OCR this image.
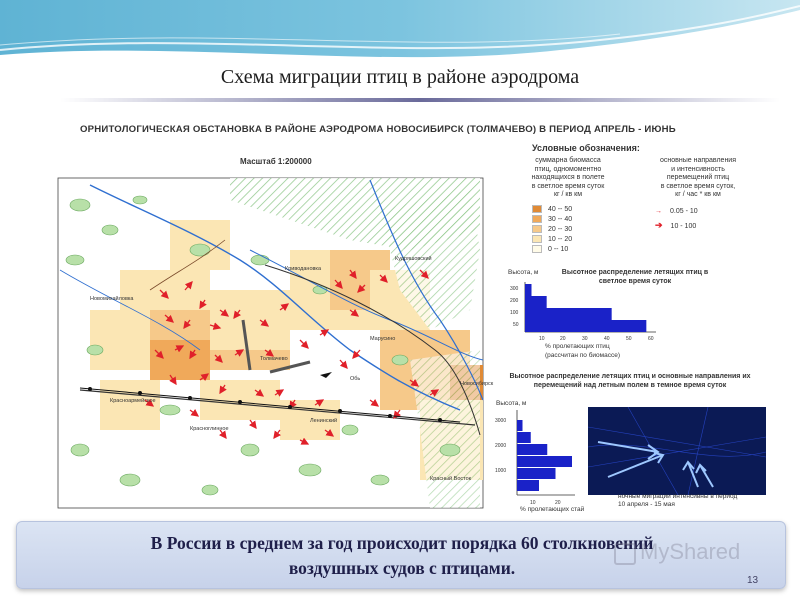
Схема миграции птиц в районе аэродрома
ОРНИТОЛОГИЧЕСКАЯ ОБСТАНОВКА В РАЙОНЕ АЭРОДРОМА НОВОСИБИРСК (ТОЛМАЧЕВО) В ПЕРИОД АПРЕЛЬ - ИЮНЬ
Масштаб 1:200000
Криводановка
Кудряшовский
Обь
Толмачево
Красноармейское
Новосибирск
Ленинский
Красный Восток
Марусино
Красноглинное
Новомихайловка
300
200
100
50
10	20	30	40	50	60
3000
2000
1000
10	20
Условные обозначения:
суммарна биомасса
птиц, одномоментно
находящихся в полете
в светлое время суток
кг / кв км
40 -- 50
30 -- 40
20 -- 30
10 -- 20
0 -- 10
основные направления
и интенсивность
перемещений птиц
в светлое время суток,
кг / час * кв км
→ 0.05 - 10
➔ 10 - 100
Высота, м	Высотное распределение летящих птиц в светлое время суток
% пролетающих птиц
(рассчитан по биомассе)
Высотное распределение летящих птиц и основные направления их перемещений над летным полем в темное время суток
Высота, м
% пролетающих стай
ночные миграции интенсивны в период
10 апреля - 15 мая
В России в среднем за год происходит порядка 60 столкновений
воздушных судов с птицами.
MyShared
13
